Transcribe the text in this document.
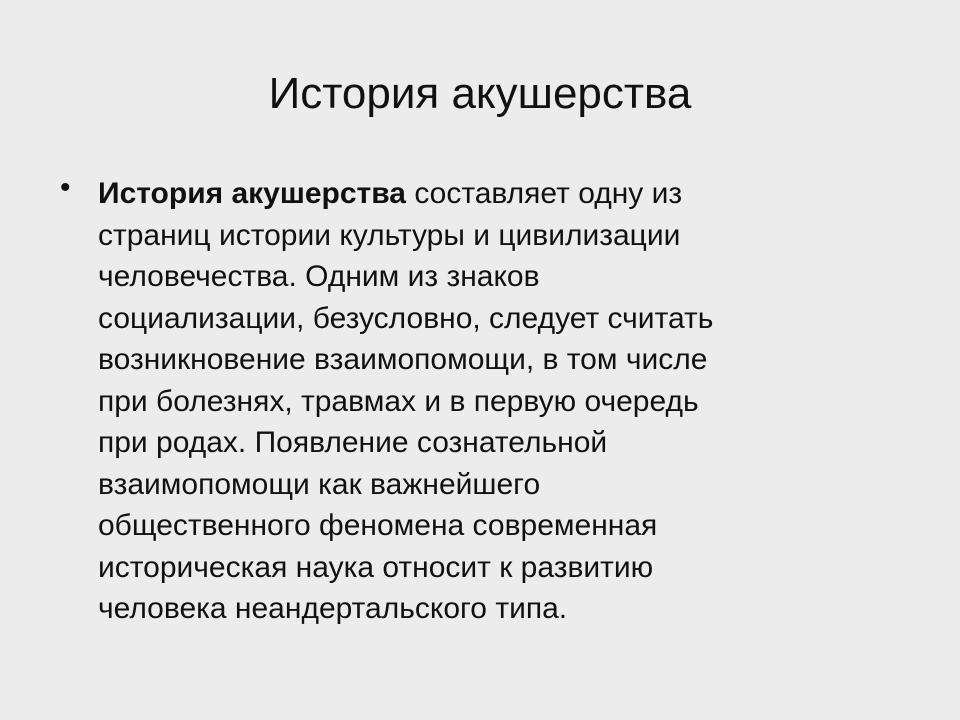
История акушерства
• История акушерства составляет одну из
страниц истории культуры и цивилизации
человечества. Одним из знаков
социализации, безусловно, следует считать
возникновение взаимопомощи, в том числе
при болезнях, травмах и в первую очередь
при родах. Появление сознательной
взаимопомощи как важнейшего
общественного феномена современная
историческая наука относит к развитию
человека неандертальского типа.
